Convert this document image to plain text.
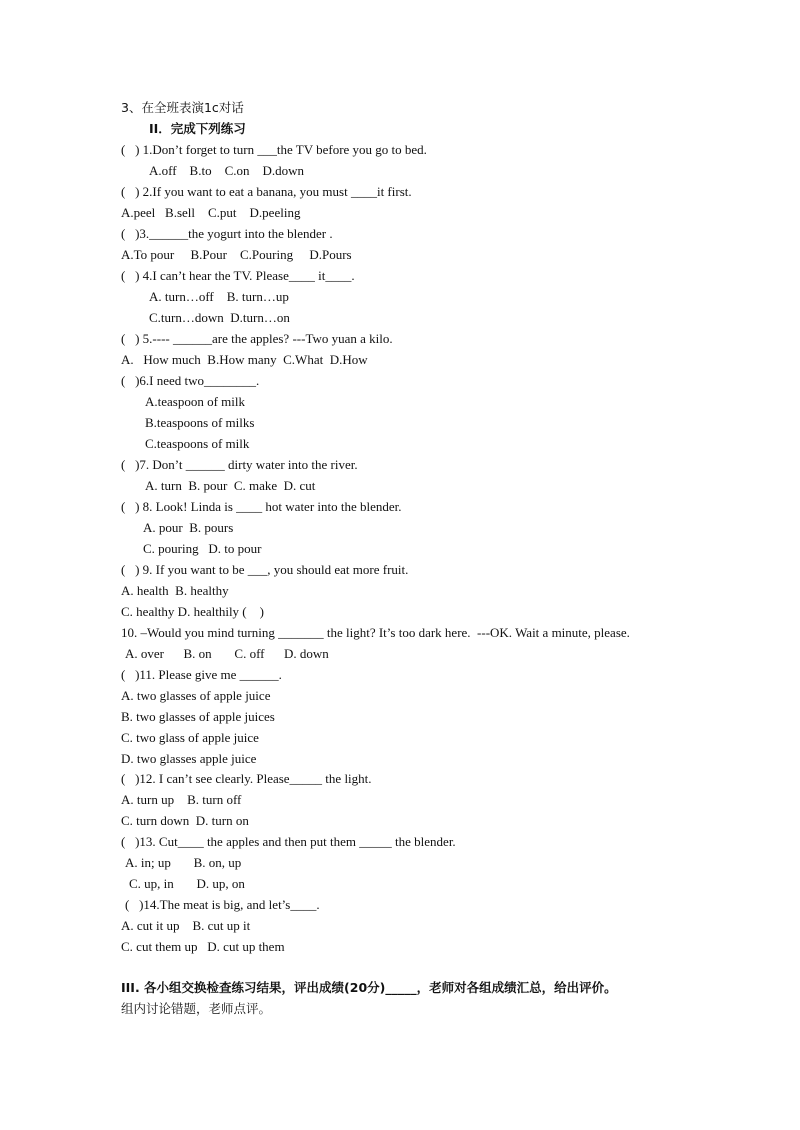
3、在全班表演1c对话
II．完成下列练习
(   ) 1.Don’t forget to turn ___the TV before you go to bed.
A.off    B.to    C.on    D.down
(   ) 2.If you want to eat a banana, you must ____it first.
A.peel   B.sell    C.put    D.peeling
(   )3.______the yogurt into the blender .
A.To pour     B.Pour    C.Pouring     D.Pours
(   ) 4.I can’t hear the TV. Please____ it____.
A. turn…off    B. turn…up
C.turn…down  D.turn…on
(   ) 5.---- ______are the apples? ---Two yuan a kilo.
A.   How much  B.How many  C.What  D.How
(   )6.I need two________.
A.teaspoon of milk
B.teaspoons of milks
C.teaspoons of milk
(   )7. Don’t ______ dirty water into the river.
A. turn  B. pour  C. make  D. cut
(   ) 8. Look! Linda is ____ hot water into the blender.
A. pour  B. pours
C. pouring   D. to pour
(   ) 9. If you want to be ___, you should eat more fruit.
A. health  B. healthy
C. healthy D. healthily (    )
10. –Would you mind turning _______ the light? It’s too dark here.  ---OK. Wait a minute, please.
A. over      B. on       C. off      D. down
(   )11. Please give me ______.
A. two glasses of apple juice
B. two glasses of apple juices
C. two glass of apple juice
D. two glasses apple juice
(   )12. I can’t see clearly. Please_____ the light.
A. turn up    B. turn off
C. turn down  D. turn on
(   )13. Cut____ the apples and then put them _____ the blender.
A. in; up       B. on, up
C. up, in       D. up, on
(   )14.The meat is big, and let’s____.
A. cut it up    B. cut up it
C. cut them up   D. cut up them
III. 各小组交换检查练习结果，评出成绩(20分)_____，老师对各组成绩汇总，给出评价。
组内讨论错题，老师点评。
